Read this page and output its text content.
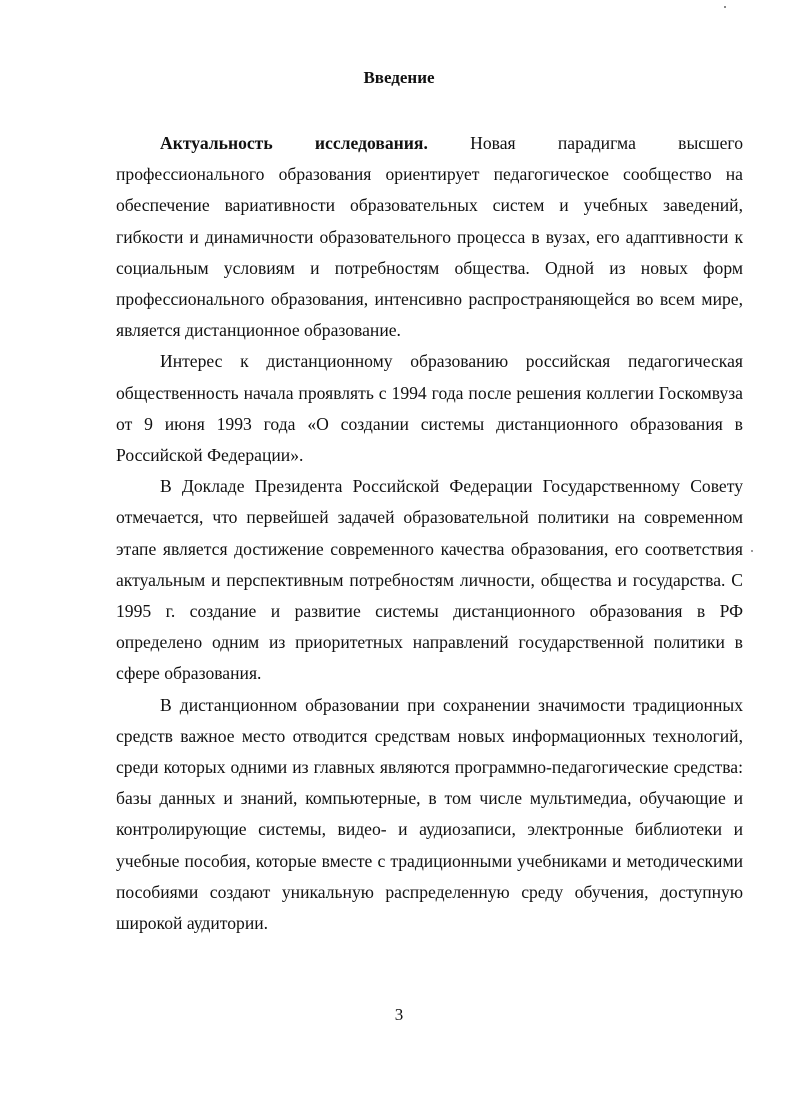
Введение

Актуальность исследования. Новая парадигма высшего профессионального образования ориентирует педагогическое сообщество на обеспечение вариативности образовательных систем и учебных заведений, гибкости и динамичности образовательного процесса в вузах, его адаптивности к социальным условиям и потребностям общества. Одной из новых форм профессионального образования, интенсивно распространяющейся во всем мире, является дистанционное образование.

Интерес к дистанционному образованию российская педагогическая общественность начала проявлять с 1994 года после решения коллегии Госкомвуза от 9 июня 1993 года «О создании системы дистанционного образования в Российской Федерации».

В Докладе Президента Российской Федерации Государственному Совету отмечается, что первейшей задачей образовательной политики на современном этапе является достижение современного качества образования, его соответствия актуальным и перспективным потребностям личности, общества и государства. С 1995 г. создание и развитие системы дистанционного образования в РФ определено одним из приоритетных направлений государственной политики в сфере образования.

В дистанционном образовании при сохранении значимости традиционных средств важное место отводится средствам новых информационных технологий, среди которых одними из главных являются программно-педагогические средства: базы данных и знаний, компьютерные, в том числе мультимедиа, обучающие и контролирующие системы, видео- и аудиозаписи, электронные библиотеки и учебные пособия, которые вместе с традиционными учебниками и методическими пособиями создают уникальную распределенную среду обучения, доступную широкой аудитории.

3
